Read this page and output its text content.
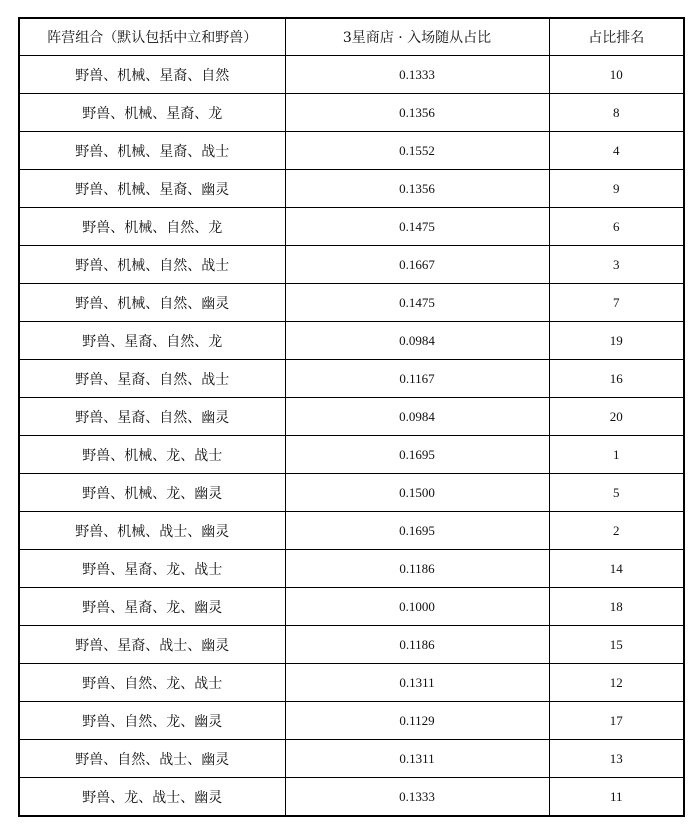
阵营组合（默认包括中立和野兽）	3星商店 · 入场随从占比	占比排名
野兽、机械、星裔、自然	0.1333	10
野兽、机械、星裔、龙	0.1356	8
野兽、机械、星裔、战士	0.1552	4
野兽、机械、星裔、幽灵	0.1356	9
野兽、机械、自然、龙	0.1475	6
野兽、机械、自然、战士	0.1667	3
野兽、机械、自然、幽灵	0.1475	7
野兽、星裔、自然、龙	0.0984	19
野兽、星裔、自然、战士	0.1167	16
野兽、星裔、自然、幽灵	0.0984	20
野兽、机械、龙、战士	0.1695	1
野兽、机械、龙、幽灵	0.1500	5
野兽、机械、战士、幽灵	0.1695	2
野兽、星裔、龙、战士	0.1186	14
野兽、星裔、龙、幽灵	0.1000	18
野兽、星裔、战士、幽灵	0.1186	15
野兽、自然、龙、战士	0.1311	12
野兽、自然、龙、幽灵	0.1129	17
野兽、自然、战士、幽灵	0.1311	13
野兽、龙、战士、幽灵	0.1333	11
